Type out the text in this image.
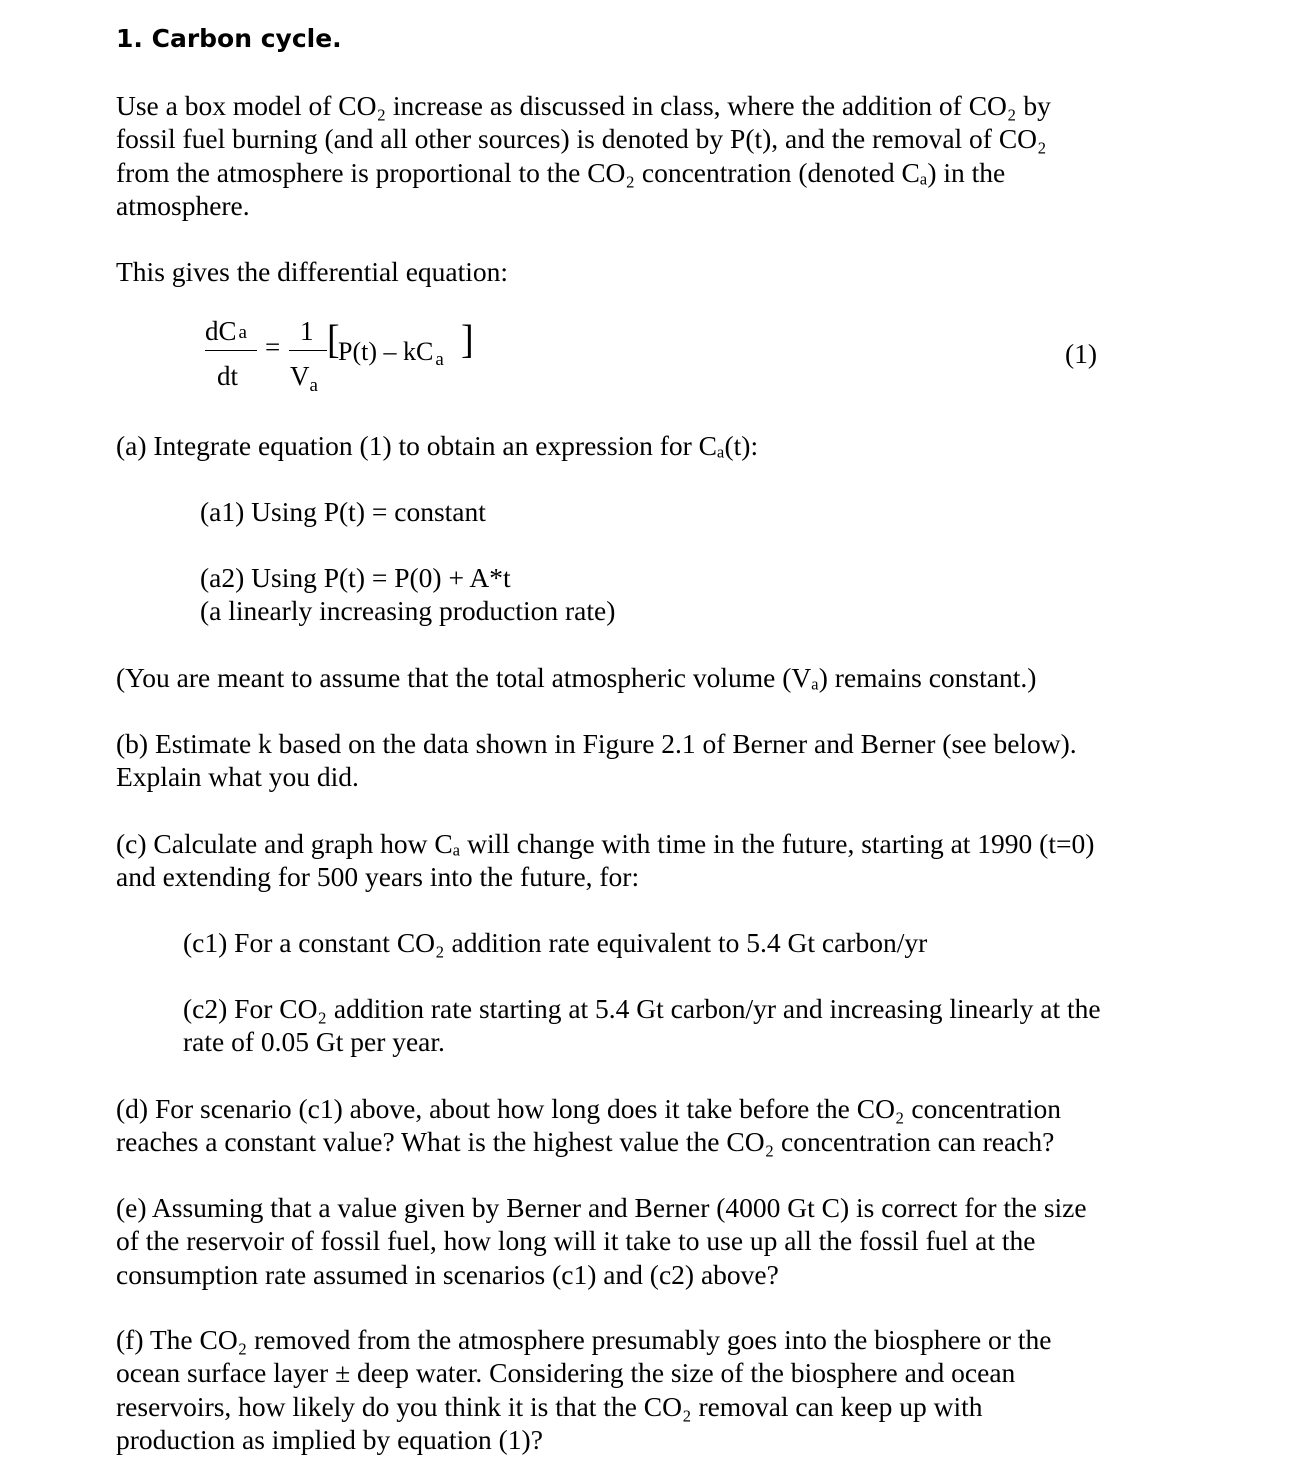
1. Carbon cycle.
Use a box model of CO₂ increase as discussed in class, where the addition of CO₂ by
fossil fuel burning (and all other sources) is denoted by P(t), and the removal of CO₂
from the atmosphere is proportional to the CO₂ concentration (denoted Cₐ) in the
atmosphere.
This gives the differential equation:
dC $_a$
dt
=
1
$V_a$
[
P(t) – kC $_a$ ]	(1)
(a) Integrate equation (1) to obtain an expression for Cₐ(t):
(a1) Using P(t) = constant
(a2) Using P(t) = P(0) + A*t
(a linearly increasing production rate)
(You are meant to assume that the total atmospheric volume (Vₐ) remains constant.)
(b) Estimate k based on the data shown in Figure 2.1 of Berner and Berner (see below).
Explain what you did.
(c) Calculate and graph how Cₐ will change with time in the future, starting at 1990 (t=0)
and extending for 500 years into the future, for:
(c1) For a constant CO₂ addition rate equivalent to 5.4 Gt carbon/yr
(c2) For CO₂ addition rate starting at 5.4 Gt carbon/yr and increasing linearly at the
rate of 0.05 Gt per year.
(d) For scenario (c1) above, about how long does it take before the CO₂ concentration
reaches a constant value? What is the highest value the CO₂ concentration can reach?
(e) Assuming that a value given by Berner and Berner (4000 Gt C) is correct for the size
of the reservoir of fossil fuel, how long will it take to use up all the fossil fuel at the
consumption rate assumed in scenarios (c1) and (c2) above?
(f) The CO₂ removed from the atmosphere presumably goes into the biosphere or the
ocean surface layer ± deep water. Considering the size of the biosphere and ocean
reservoirs, how likely do you think it is that the CO₂ removal can keep up with
production as implied by equation (1)?
